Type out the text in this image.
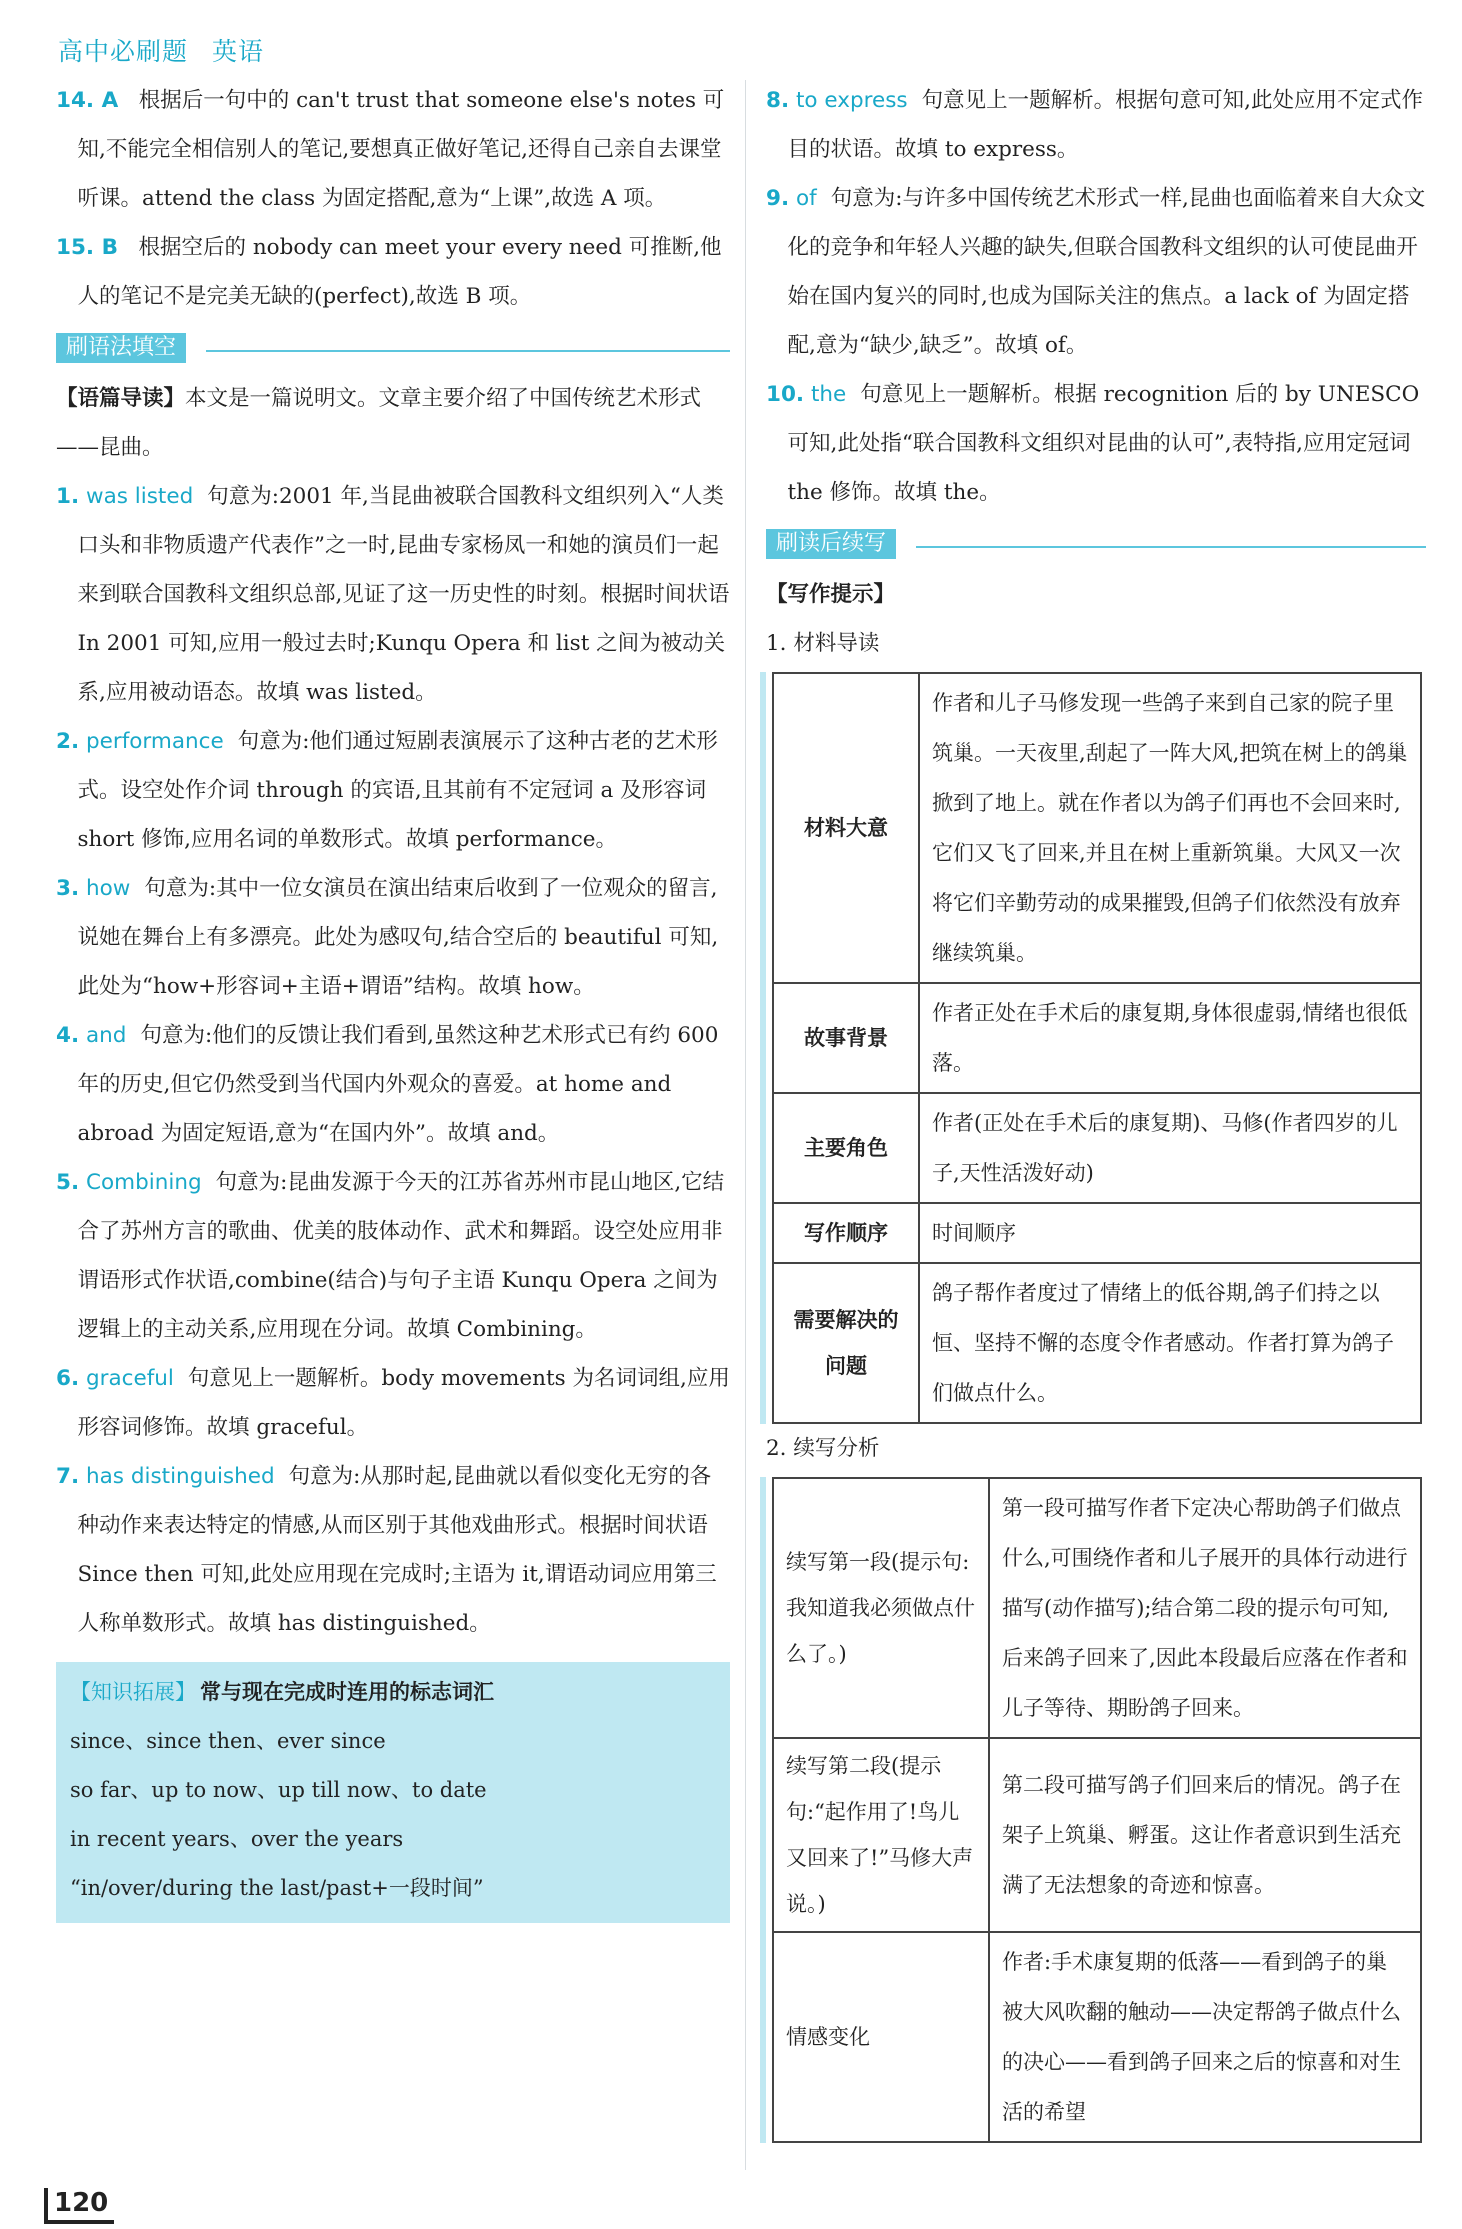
高中必刷题 英语

14. A 根据后一句中的 can't trust that someone else's notes 可知,不能完全相信别人的笔记,要想真正做好笔记,还得自己亲自去课堂听课。attend the class 为固定搭配,意为“上课”,故选 A 项。

15. B 根据空后的 nobody can meet your every need 可推断,他人的笔记不是完美无缺的(perfect),故选 B 项。

刷语法填空

【语篇导读】本文是一篇说明文。文章主要介绍了中国传统艺术形式——昆曲。

1. was listed 句意为:2001 年,当昆曲被联合国教科文组织列入“人类口头和非物质遗产代表作”之一时,昆曲专家杨凤一和她的演员们一起来到联合国教科文组织总部,见证了这一历史性的时刻。根据时间状语 In 2001 可知,应用一般过去时;Kunqu Opera 和 list 之间为被动关系,应用被动语态。故填 was listed。

2. performance 句意为:他们通过短剧表演展示了这种古老的艺术形式。设空处作介词 through 的宾语,且其前有不定冠词 a 及形容词 short 修饰,应用名词的单数形式。故填 performance。

3. how 句意为:其中一位女演员在演出结束后收到了一位观众的留言,说她在舞台上有多漂亮。此处为感叹句,结合空后的 beautiful 可知,此处为“how+形容词+主语+谓语”结构。故填 how。

4. and 句意为:他们的反馈让我们看到,虽然这种艺术形式已有约 600 年的历史,但它仍然受到当代国内外观众的喜爱。at home and abroad 为固定短语,意为“在国内外”。故填 and。

5. Combining 句意为:昆曲发源于今天的江苏省苏州市昆山地区,它结合了苏州方言的歌曲、优美的肢体动作、武术和舞蹈。设空处应用非谓语形式作状语,combine(结合)与句子主语 Kunqu Opera 之间为逻辑上的主动关系,应用现在分词。故填 Combining。

6. graceful 句意见上一题解析。body movements 为名词词组,应用形容词修饰。故填 graceful。

7. has distinguished 句意为:从那时起,昆曲就以看似变化无穷的各种动作来表达特定的情感,从而区别于其他戏曲形式。根据时间状语 Since then 可知,此处应用现在完成时;主语为 it,谓语动词应用第三人称单数形式。故填 has distinguished。

【知识拓展】 常与现在完成时连用的标志词汇
since、since then、ever since
so far、up to now、up till now、to date
in recent years、over the years
“in/over/during the last/past+一段时间”

8. to express 句意见上一题解析。根据句意可知,此处应用不定式作目的状语。故填 to express。

9. of 句意为:与许多中国传统艺术形式一样,昆曲也面临着来自大众文化的竞争和年轻人兴趣的缺失,但联合国教科文组织的认可使昆曲开始在国内复兴的同时,也成为国际关注的焦点。a lack of 为固定搭配,意为“缺少,缺乏”。故填 of。

10. the 句意见上一题解析。根据 recognition 后的 by UNESCO 可知,此处指“联合国教科文组织对昆曲的认可”,表特指,应用定冠词 the 修饰。故填 the。

刷读后续写

【写作提示】

1. 材料导读

材料大意	作者和儿子马修发现一些鸽子来到自己家的院子里筑巢。一天夜里,刮起了一阵大风,把筑在树上的鸽巢掀到了地上。就在作者以为鸽子们再也不会回来时,它们又飞了回来,并且在树上重新筑巢。大风又一次将它们辛勤劳动的成果摧毁,但鸽子们依然没有放弃继续筑巢。
故事背景	作者正处在手术后的康复期,身体很虚弱,情绪也很低落。
主要角色	作者(正处在手术后的康复期)、马修(作者四岁的儿子,天性活泼好动)
写作顺序	时间顺序
需要解决的问题	鸽子帮作者度过了情绪上的低谷期,鸽子们持之以恒、坚持不懈的态度令作者感动。作者打算为鸽子们做点什么。

2. 续写分析

续写第一段(提示句:我知道我必须做点什么了。)	第一段可描写作者下定决心帮助鸽子们做点什么,可围绕作者和儿子展开的具体行动进行描写(动作描写);结合第二段的提示句可知,后来鸽子回来了,因此本段最后应落在作者和儿子等待、期盼鸽子回来。
续写第二段(提示句:“起作用了!鸟儿又回来了!”马修大声说。)	第二段可描写鸽子们回来后的情况。鸽子在架子上筑巢、孵蛋。这让作者意识到生活充满了无法想象的奇迹和惊喜。
情感变化	作者:手术康复期的低落——看到鸽子的巢被大风吹翻的触动——决定帮鸽子做点什么的决心——看到鸽子回来之后的惊喜和对生活的希望
120
